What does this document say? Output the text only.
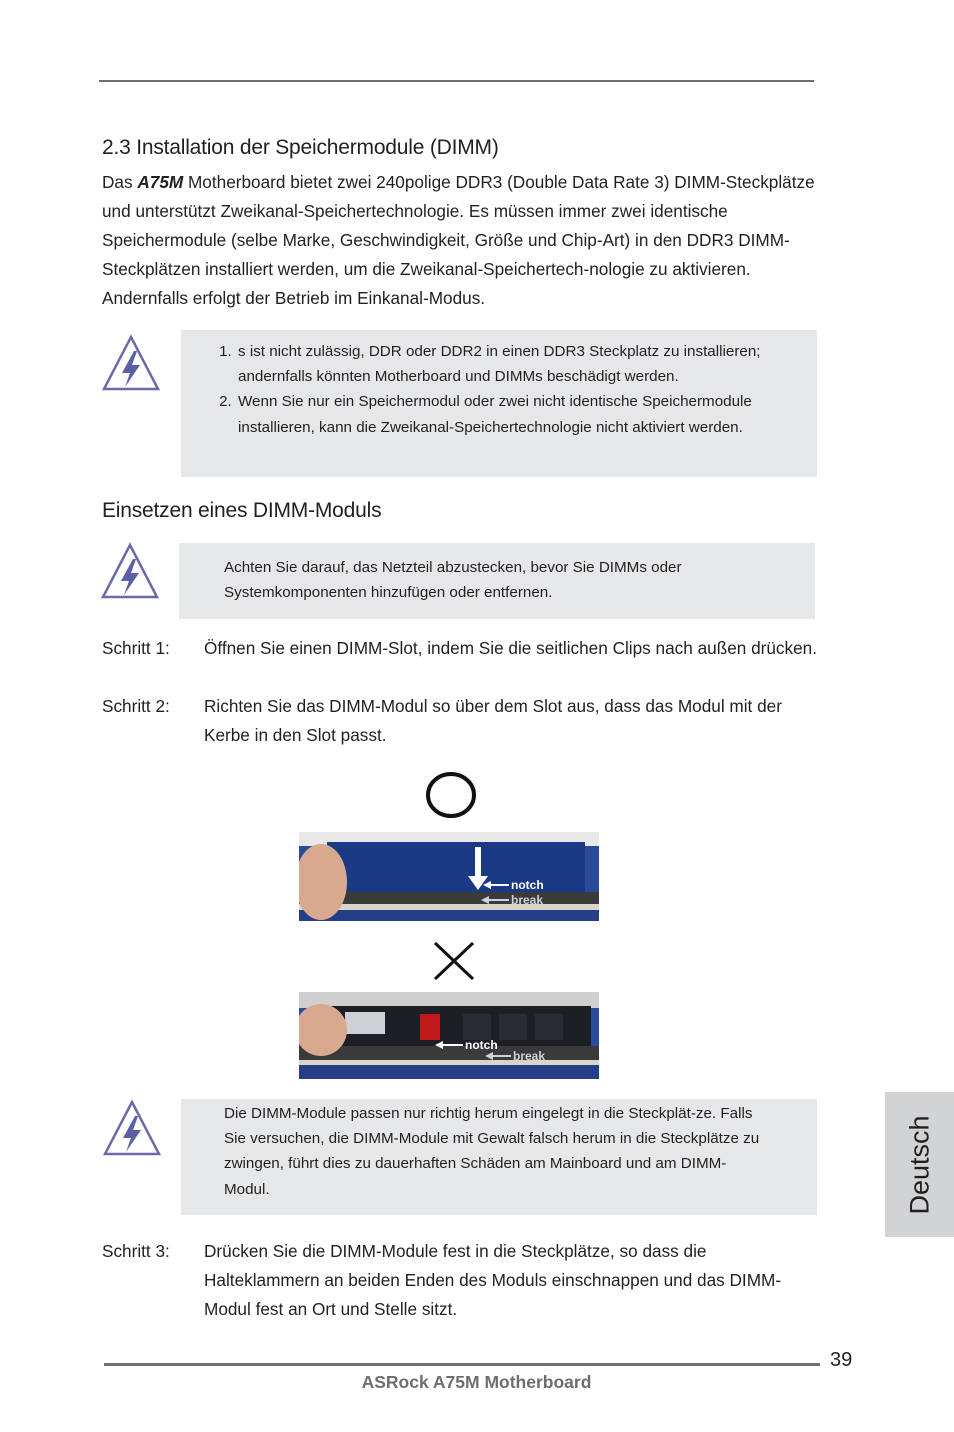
2.3 Installation der Speichermodule (DIMM)
Das A75M Motherboard bietet zwei 240polige DDR3 (Double Data Rate 3) DIMM-Steckplätze und unterstützt Zweikanal-Speichertechnologie. Es müssen immer zwei identische Speichermodule (selbe Marke, Geschwindigkeit, Größe und Chip-Art) in den DDR3 DIMM-Steckplätzen installiert werden, um die Zweikanal-Speichertech-nologie zu aktivieren. Andernfalls erfolgt der Betrieb im Einkanal-Modus.
1. s ist nicht zulässig, DDR oder DDR2 in einen DDR3 Steckplatz zu installieren; andernfalls könnten Motherboard und DIMMs beschädigt werden.
2. Wenn Sie nur ein Speichermodul oder zwei nicht identische Speichermodule installieren, kann die Zweikanal-Speichertechnologie nicht aktiviert werden.
Einsetzen eines DIMM-Moduls
Achten Sie darauf, das Netzteil abzustecken, bevor Sie DIMMs oder Systemkomponenten hinzufügen oder entfernen.
Schritt 1: Öffnen Sie einen DIMM-Slot, indem Sie die seitlichen Clips nach außen drücken.
Schritt 2: Richten Sie das DIMM-Modul so über dem Slot aus, dass das Modul mit der Kerbe in den Slot passt.
notch
break
notch
break
Die DIMM-Module passen nur richtig herum eingelegt in die Steckplät-ze. Falls Sie versuchen, die DIMM-Module mit Gewalt falsch herum in die Steckplätze zu zwingen, führt dies zu dauerhaften Schäden am Mainboard und am DIMM-Modul.
Schritt 3: Drücken Sie die DIMM-Module fest in die Steckplätze, so dass die Halteklammern an beiden Enden des Moduls einschnappen und das DIMM-Modul fest an Ort und Stelle sitzt.
Deutsch
39
ASRock A75M Motherboard
